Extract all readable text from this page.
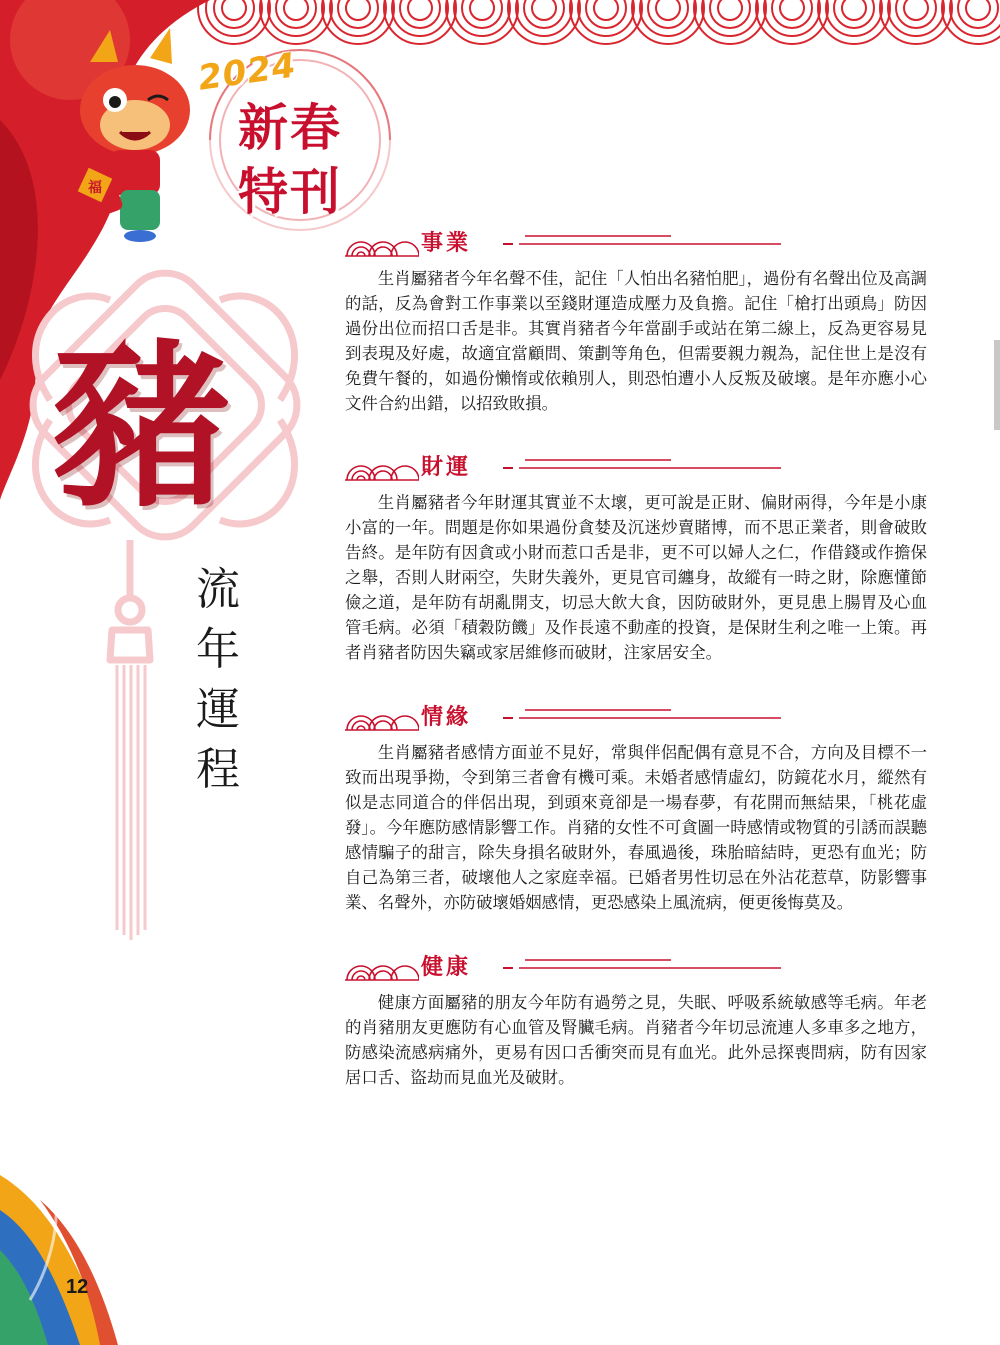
福
2024
新春
特刊
豬
流
年
運
程
事業
生肖屬豬者今年名聲不佳，記住「人怕出名豬怕肥」，過份有名聲出位及高調的話，反為會對工作事業以至錢財運造成壓力及負擔。記住「槍打出頭鳥」防因過份出位而招口舌是非。其實肖豬者今年當副手或站在第二線上，反為更容易見到表現及好處，故適宜當顧問、策劃等角色，但需要親力親為，記住世上是沒有免費午餐的，如過份懶惰或依賴別人，則恐怕遭小人反叛及破壞。是年亦應小心文件合約出錯，以招致敗損。
財運
生肖屬豬者今年財運其實並不太壞，更可說是正財、偏財兩得，今年是小康小富的一年。問題是你如果過份貪婪及沉迷炒賣賭博，而不思正業者，則會破敗告終。是年防有因貪或小財而惹口舌是非，更不可以婦人之仁，作借錢或作擔保之舉，否則人財兩空，失財失義外，更見官司纏身，故縱有一時之財，除應懂節儉之道，是年防有胡亂開支，切忌大飲大食，因防破財外，更見患上腸胃及心血管毛病。必須「積穀防饑」及作長遠不動產的投資，是保財生利之唯一上策。再者肖豬者防因失竊或家居維修而破財，注家居安全。
情緣
生肖屬豬者感情方面並不見好，常與伴侶配偶有意見不合，方向及目標不一致而出現爭拗，令到第三者會有機可乘。未婚者感情虛幻，防鏡花水月，縱然有似是志同道合的伴侶出現，到頭來竟卻是一場春夢，有花開而無結果，「桃花虛發」。今年應防感情影響工作。肖豬的女性不可貪圖一時感情或物質的引誘而誤聽感情騙子的甜言，除失身損名破財外，春風過後，珠胎暗結時，更恐有血光；防自己為第三者，破壞他人之家庭幸福。已婚者男性切忌在外沾花惹草，防影響事業、名聲外，亦防破壞婚姻感情，更恐感染上風流病，便更後悔莫及。
健康
健康方面屬豬的朋友今年防有過勞之見，失眠、呼吸系統敏感等毛病。年老的肖豬朋友更應防有心血管及腎臟毛病。肖豬者今年切忌流連人多車多之地方，防感染流感病痛外，更易有因口舌衝突而見有血光。此外忌探喪問病，防有因家居口舌、盜劫而見血光及破財。
12
